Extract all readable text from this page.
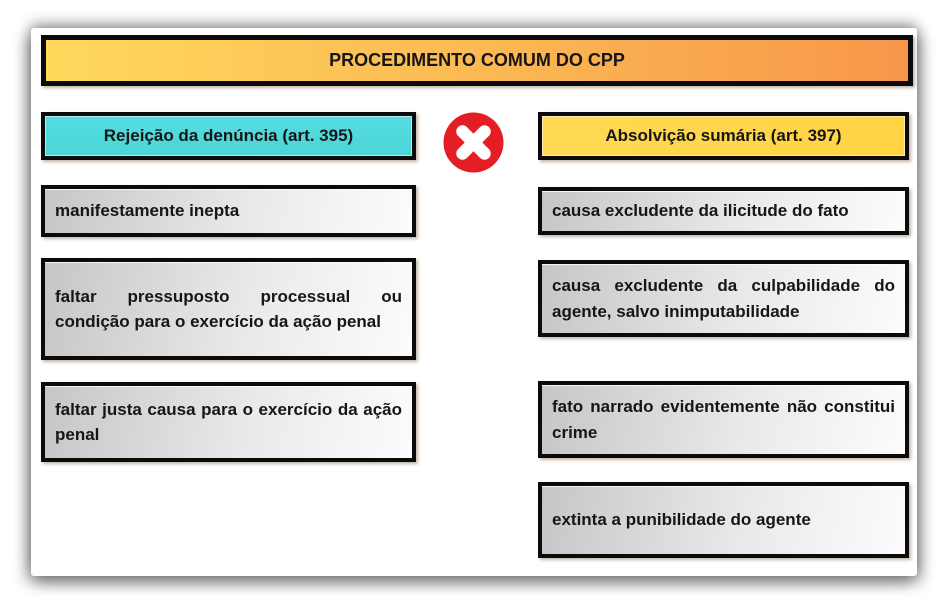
PROCEDIMENTO COMUM DO CPP
Rejeição da denúncia (art. 395)	Absolvição sumária (art. 397)
manifestamente inepta
faltar pressuposto processual ou condição para o exercício da ação penal
faltar justa causa para o exercício da ação penal
causa excludente da ilicitude do fato
causa excludente da culpabilidade do agente, salvo inimputabilidade
fato narrado evidentemente não constitui crime
extinta a punibilidade do agente
